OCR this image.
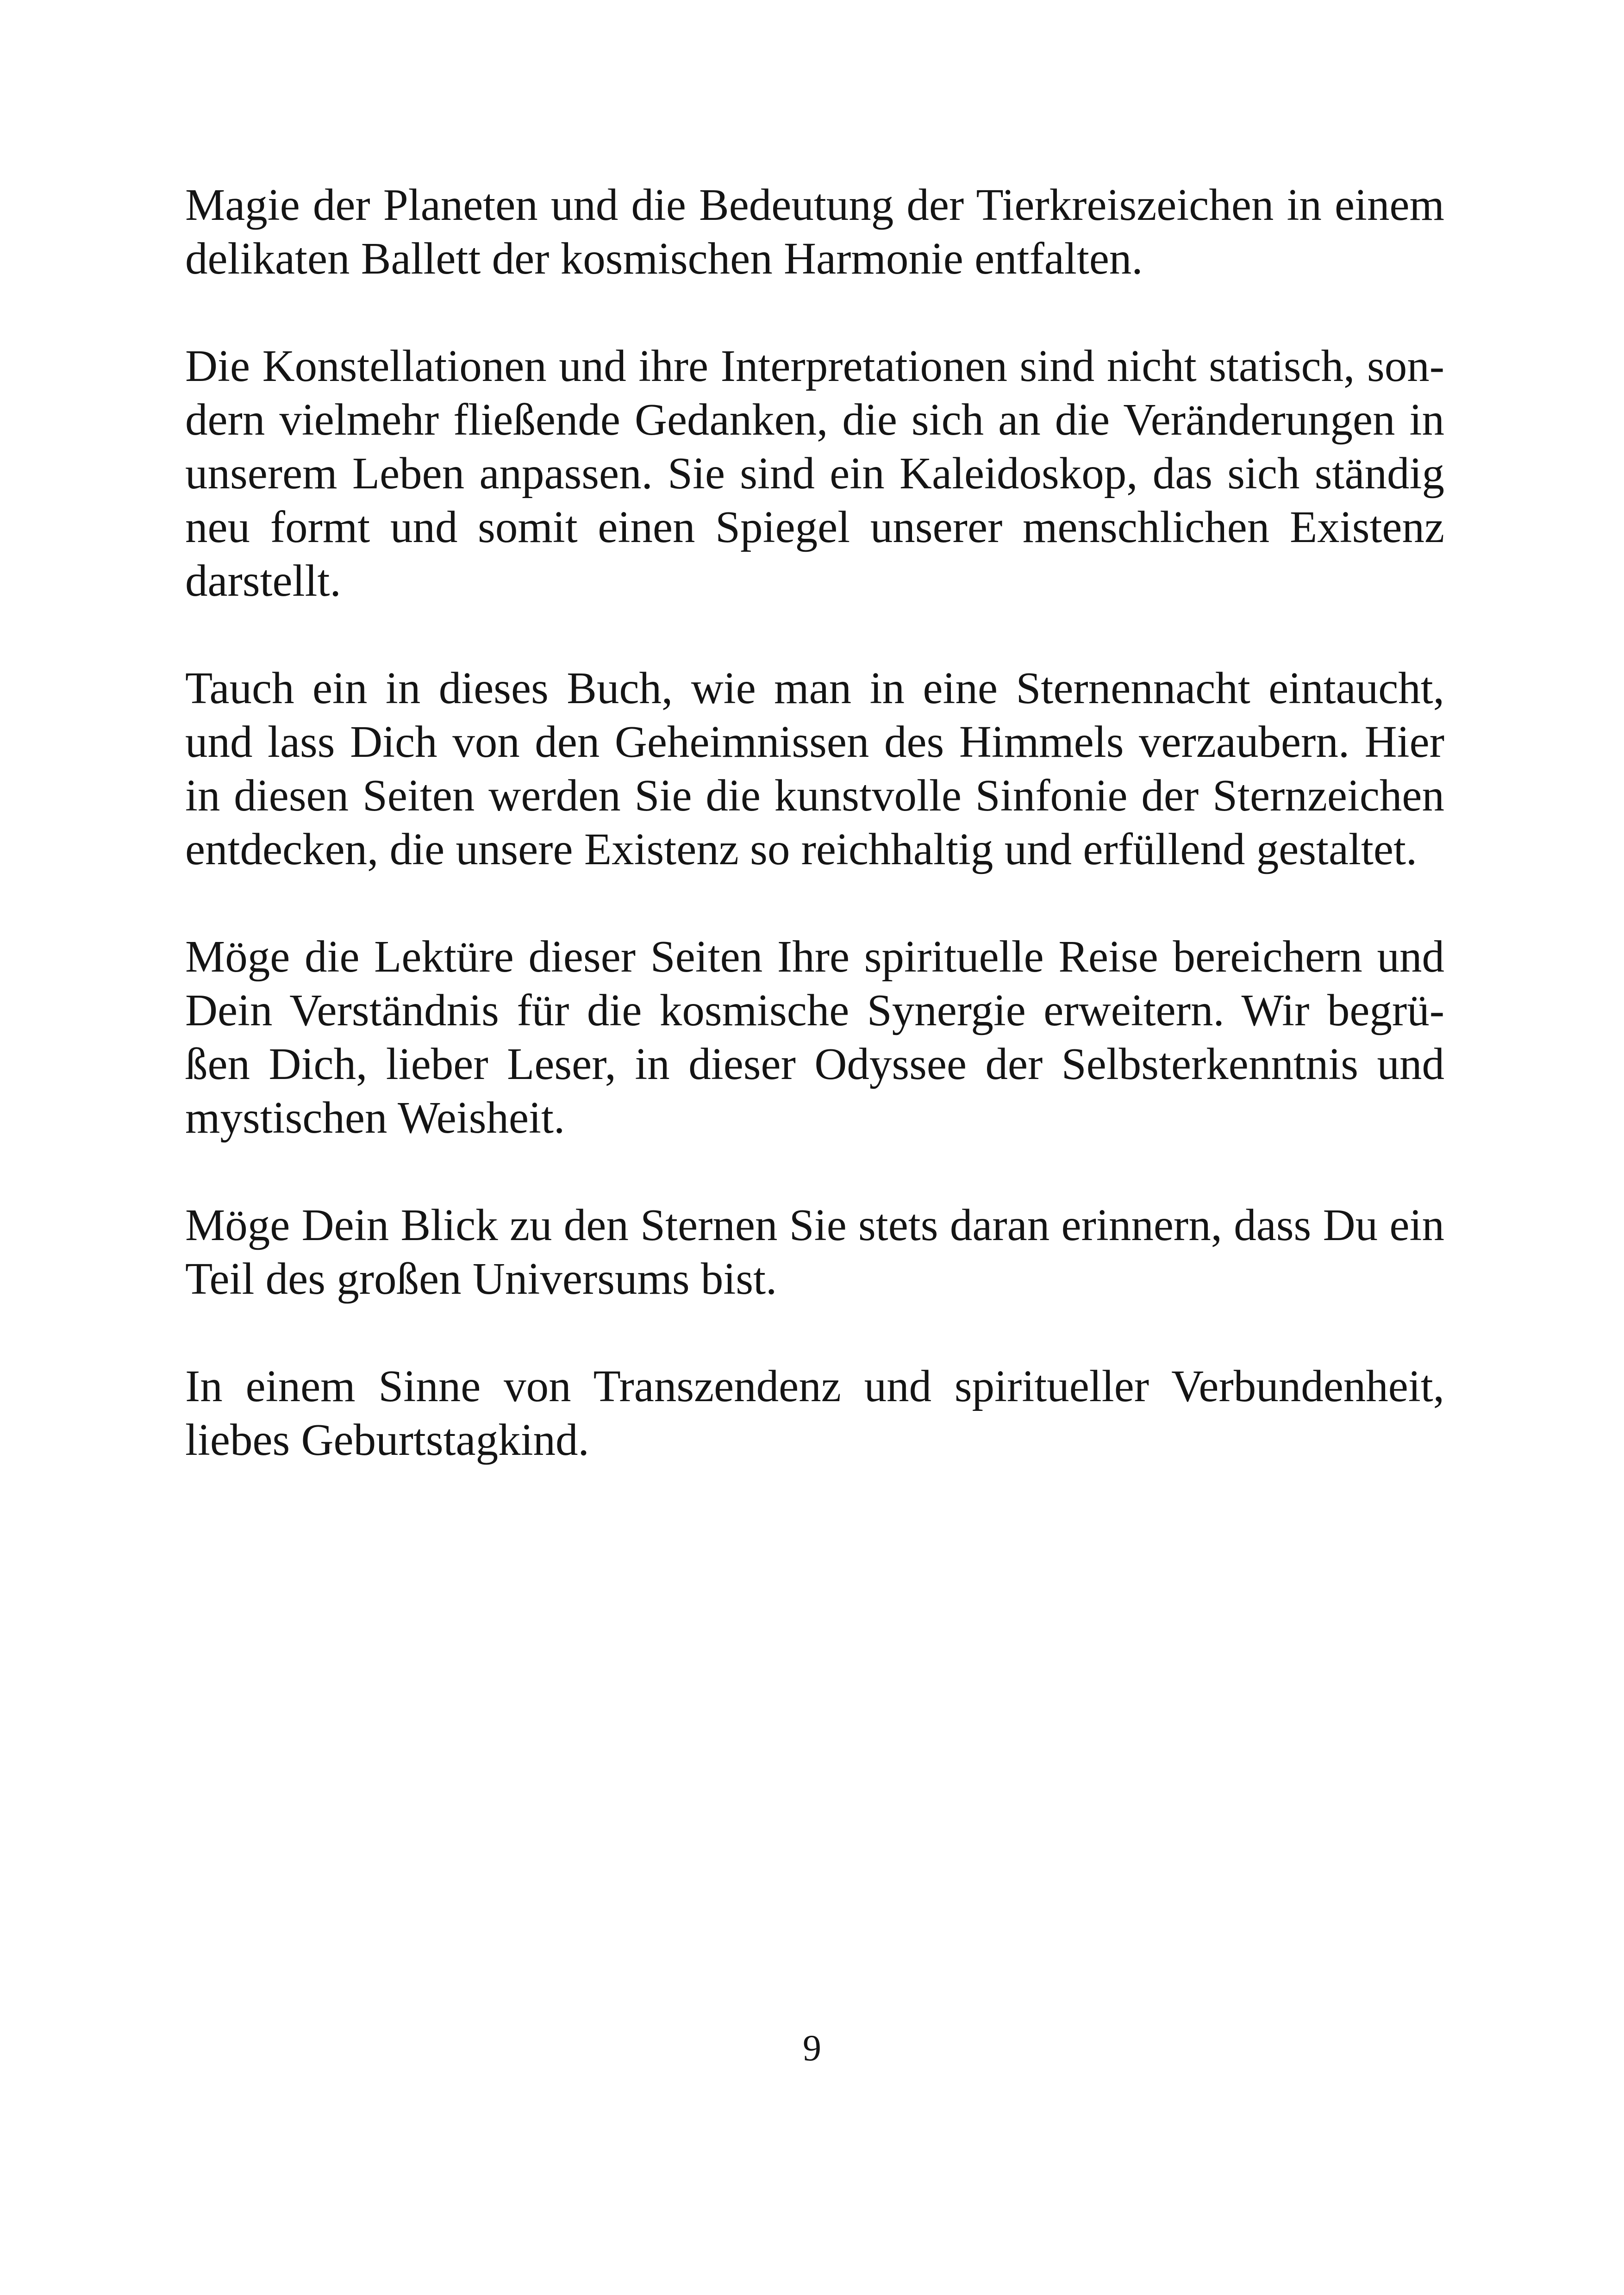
Magie der Planeten und die Bedeutung der Tierkreiszeichen in einem
delikaten Ballett der kosmischen Harmonie entfalten.

Die Konstellationen und ihre Interpretationen sind nicht statisch, son-
dern vielmehr fließende Gedanken, die sich an die Veränderungen in
unserem Leben anpassen. Sie sind ein Kaleidoskop, das sich ständig
neu formt und somit einen Spiegel unserer menschlichen Existenz
darstellt.

Tauch ein in dieses Buch, wie man in eine Sternennacht eintaucht,
und lass Dich von den Geheimnissen des Himmels verzaubern. Hier
in diesen Seiten werden Sie die kunstvolle Sinfonie der Sternzeichen
entdecken, die unsere Existenz so reichhaltig und erfüllend gestaltet.

Möge die Lektüre dieser Seiten Ihre spirituelle Reise bereichern und
Dein Verständnis für die kosmische Synergie erweitern. Wir begrü-
ßen Dich, lieber Leser, in dieser Odyssee der Selbsterkenntnis und
mystischen Weisheit.

Möge Dein Blick zu den Sternen Sie stets daran erinnern, dass Du ein
Teil des großen Universums bist.

In einem Sinne von Transzendenz und spiritueller Verbundenheit,
liebes Geburtstagkind.

9
